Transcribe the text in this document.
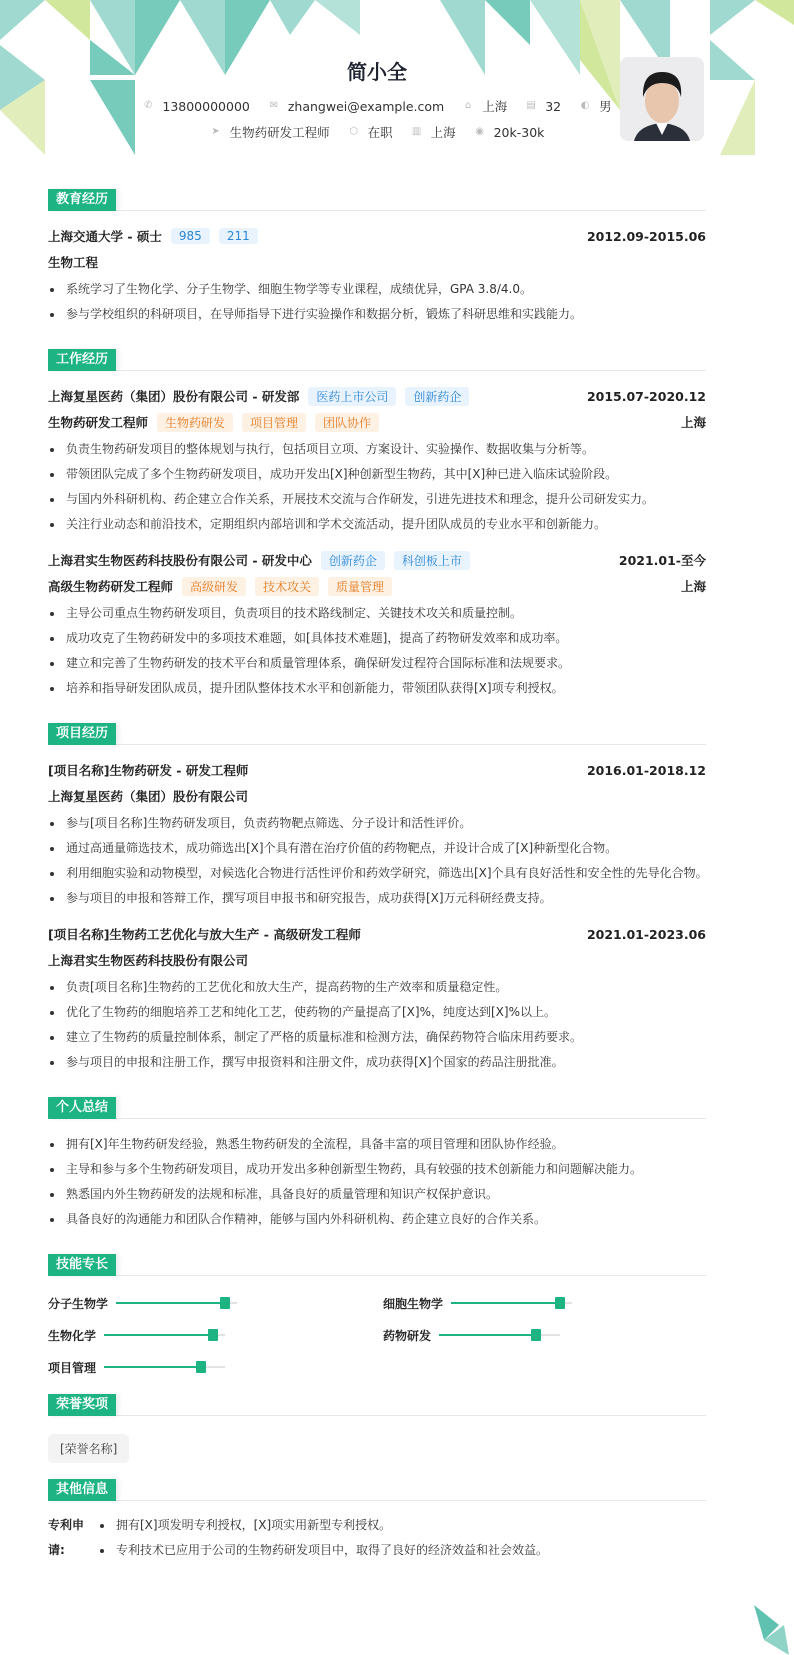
简小全
✆ 13800000000
✉ zhangwei@example.com
⌂ 上海
▤ 32
◐ 男
➤ 生物药研发工程师
⬡ 在职
▥ 上海
◉ 20k-30k
教育经历
上海交通大学 - 硕士	985	211	2012.09-2015.06
生物工程
系统学习了生物化学、分子生物学、细胞生物学等专业课程，成绩优异，GPA 3.8/4.0。
参与学校组织的科研项目，在导师指导下进行实验操作和数据分析，锻炼了科研思维和实践能力。
工作经历
上海复星医药（集团）股份有限公司 - 研发部	医药上市公司	创新药企	2015.07-2020.12
生物药研发工程师	生物药研发	项目管理	团队协作	上海
负责生物药研发项目的整体规划与执行，包括项目立项、方案设计、实验操作、数据收集与分析等。
带领团队完成了多个生物药研发项目，成功开发出[X]种创新型生物药，其中[X]种已进入临床试验阶段。
与国内外科研机构、药企建立合作关系，开展技术交流与合作研发，引进先进技术和理念，提升公司研发实力。
关注行业动态和前沿技术，定期组织内部培训和学术交流活动，提升团队成员的专业水平和创新能力。
上海君实生物医药科技股份有限公司 - 研发中心	创新药企	科创板上市	2021.01-至今
高级生物药研发工程师	高级研发	技术攻关	质量管理	上海
主导公司重点生物药研发项目，负责项目的技术路线制定、关键技术攻关和质量控制。
成功攻克了生物药研发中的多项技术难题，如[具体技术难题]，提高了药物研发效率和成功率。
建立和完善了生物药研发的技术平台和质量管理体系，确保研发过程符合国际标准和法规要求。
培养和指导研发团队成员，提升团队整体技术水平和创新能力，带领团队获得[X]项专利授权。
项目经历
[项目名称]生物药研发 - 研发工程师	2016.01-2018.12
上海复星医药（集团）股份有限公司
参与[项目名称]生物药研发项目，负责药物靶点筛选、分子设计和活性评价。
通过高通量筛选技术，成功筛选出[X]个具有潜在治疗价值的药物靶点，并设计合成了[X]种新型化合物。
利用细胞实验和动物模型，对候选化合物进行活性评价和药效学研究，筛选出[X]个具有良好活性和安全性的先导化合物。
参与项目的申报和答辩工作，撰写项目申报书和研究报告，成功获得[X]万元科研经费支持。
[项目名称]生物药工艺优化与放大生产 - 高级研发工程师	2021.01-2023.06
上海君实生物医药科技股份有限公司
负责[项目名称]生物药的工艺优化和放大生产，提高药物的生产效率和质量稳定性。
优化了生物药的细胞培养工艺和纯化工艺，使药物的产量提高了[X]%，纯度达到[X]%以上。
建立了生物药的质量控制体系，制定了严格的质量标准和检测方法，确保药物符合临床用药要求。
参与项目的申报和注册工作，撰写申报资料和注册文件，成功获得[X]个国家的药品注册批准。
个人总结
拥有[X]年生物药研发经验，熟悉生物药研发的全流程，具备丰富的项目管理和团队协作经验。
主导和参与多个生物药研发项目，成功开发出多种创新型生物药，具有较强的技术创新能力和问题解决能力。
熟悉国内外生物药研发的法规和标准，具备良好的质量管理和知识产权保护意识。
具备良好的沟通能力和团队合作精神，能够与国内外科研机构、药企建立良好的合作关系。
技能专长
分子生物学	细胞生物学
生物化学	药物研发
项目管理
荣誉奖项
[荣誉名称]
其他信息
专利申请:
拥有[X]项发明专利授权，[X]项实用新型专利授权。
专利技术已应用于公司的生物药研发项目中，取得了良好的经济效益和社会效益。
